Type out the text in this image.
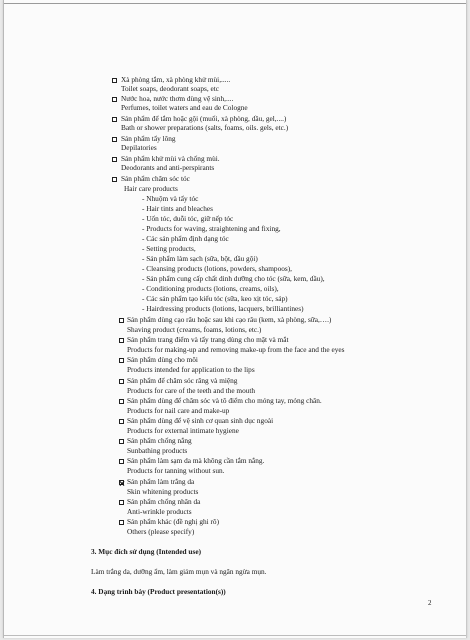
Xà phòng tắm, xà phòng khử mùi,.....
Toilet soaps, deodorant soaps, etc
Nước hoa, nước thơm dùng vệ sinh,....
Perfumes, toilet waters and eau de Cologne
Sản phẩm để tắm hoặc gội (muối, xà phòng, dầu, gel,....)
Bath or shower preparations (salts, foams, oils. gels, etc.)
Sản phẩm tẩy lông
Depilatories
Sản phẩm khử mùi và chống mùi.
Deodorants and anti-perspirants
Sản phẩm chăm sóc tóc
Hair care products
- Nhuộm và tẩy tóc
- Hair tints and bleaches
- Uốn tóc, duỗi tóc, giữ nếp tóc
- Products for waving, straightening and fixing,
- Các sản phẩm định dạng tóc
- Setting products,
- Sản phẩm làm sạch (sữa, bột, dầu gội)
- Cleansing products (lotions, powders, shampoos),
- Sản phẩm cung cấp chất dinh dưỡng cho tóc (sữa, kem, dầu),
- Conditioning products (lotions, creams, oils),
- Các sản phẩm tạo kiểu tóc (sữa, keo xịt tóc, sáp)
- Hairdressing products (lotions, lacquers, brilliantines)
Sản phẩm dùng cạo râu hoặc sau khi cạo râu (kem, xà phòng, sữa,….)
Shaving product (creams, foams, lotions, etc.)
Sản phẩm trang điểm và tẩy trang dùng cho mặt và mắt
Products for making-up and removing make-up from the face and the eyes
Sản phẩm dùng cho môi
Products intended for application to the lips
Sản phẩm để chăm sóc răng và miệng
Products for care of the teeth and the mouth
Sản phẩm dùng để chăm sóc và tô điểm cho móng tay, móng chân.
Products for nail care and make-up
Sản phẩm dùng để vệ sinh cơ quan sinh dục ngoài
Products for external intimate hygiene
Sản phẩm chống nắng
Sunbathing products
Sản phẩm làm sạm da mà không cần tắm nắng.
Products for tanning without sun.
Sản phẩm làm trắng da
Skin whitening products
Sản phẩm chống nhăn da
Anti-wrinkle products
Sản phẩm khác (đề nghị ghi rõ)
Others (please specify)
3. Mục đích sử dụng (Intended use)
Làm trắng da, dưỡng ẩm, làm giảm mụn và ngăn ngừa mụn.
4. Dạng trình bày (Product presentation(s))
2
